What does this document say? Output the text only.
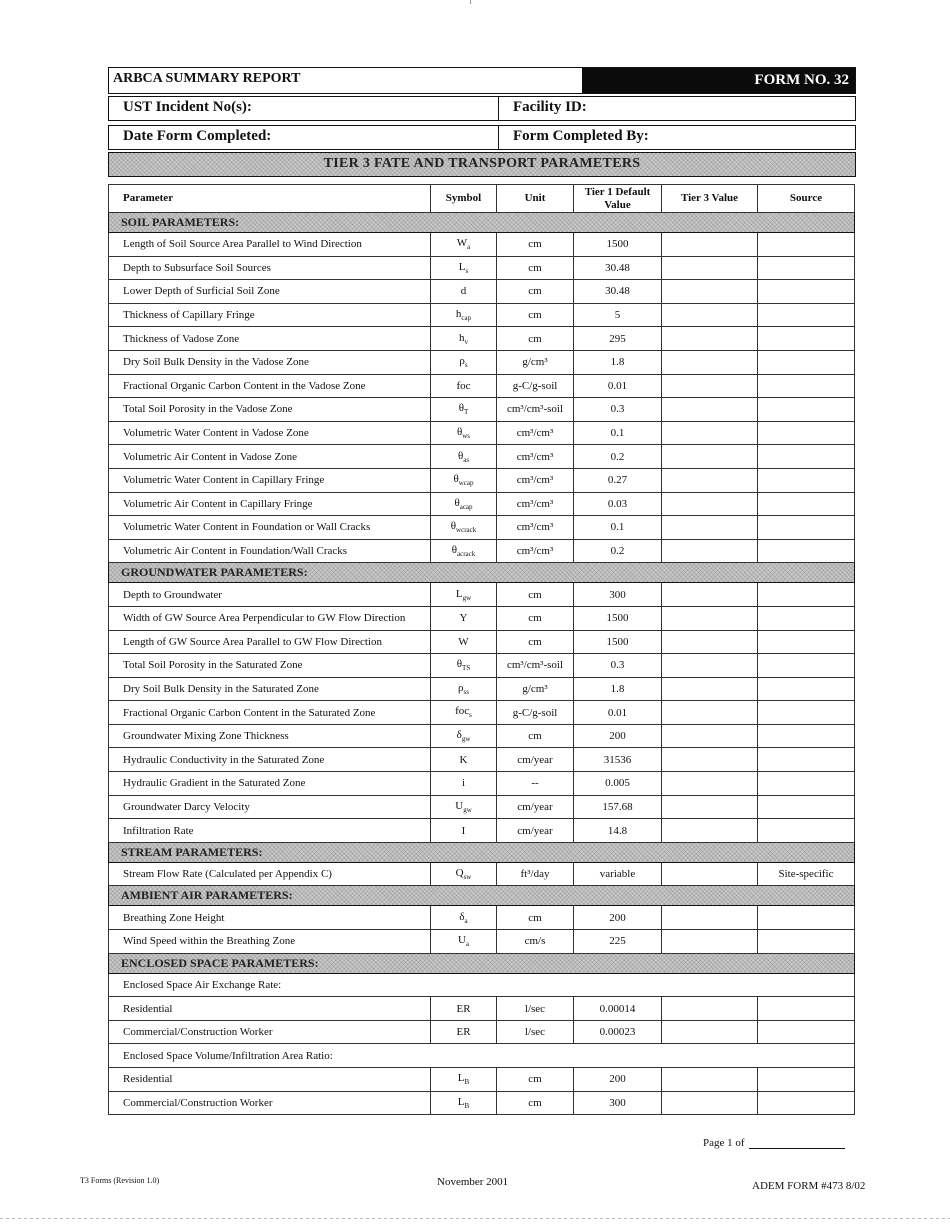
ARBCA SUMMARY REPORT	FORM NO. 32
UST Incident No(s):	Facility ID:
Date Form Completed:	Form Completed By:
TIER 3 FATE AND TRANSPORT PARAMETERS
Parameter	Symbol	Unit	Tier 1 Default Value	Tier 3 Value	Source
SOIL PARAMETERS:					
Length of Soil Source Area Parallel to Wind Direction	$W_a$	cm	1500		
Depth to Subsurface Soil Sources	$L_s$	cm	30.48		
Lower Depth of Surficial Soil Zone	d	cm	30.48		
Thickness of Capillary Fringe	$h_{cap}$	cm	5		
Thickness of Vadose Zone	$h_v$	cm	295		
Dry Soil Bulk Density in the Vadose Zone	$\rho_s$	g/cm³	1.8		
Fractional Organic Carbon Content in the Vadose Zone	foc	g-C/g-soil	0.01		
Total Soil Porosity in the Vadose Zone	$\theta_T$	cm³/cm³-soil	0.3		
Volumetric Water Content in Vadose Zone	$\theta_{ws}$	cm³/cm³	0.1		
Volumetric Air Content in Vadose Zone	$\theta_{as}$	cm³/cm³	0.2		
Volumetric Water Content in Capillary Fringe	$\theta_{wcap}$	cm³/cm³	0.27		
Volumetric Air Content in Capillary Fringe	$\theta_{acap}$	cm³/cm³	0.03		
Volumetric Water Content in Foundation or Wall Cracks	$\theta_{wcrack}$	cm³/cm³	0.1		
Volumetric Air Content in Foundation/Wall Cracks	$\theta_{acrack}$	cm³/cm³	0.2		
GROUNDWATER PARAMETERS:					
Depth to Groundwater	$L_{gw}$	cm	300		
Width of GW Source Area Perpendicular to GW Flow Direction	Y	cm	1500		
Length of GW Source Area Parallel to GW Flow Direction	W	cm	1500		
Total Soil Porosity in the Saturated Zone	$\theta_{TS}$	cm³/cm³-soil	0.3		
Dry Soil Bulk Density in the Saturated Zone	$\rho_{ss}$	g/cm³	1.8		
Fractional Organic Carbon Content in the Saturated Zone	foc$_s$	g-C/g-soil	0.01		
Groundwater Mixing Zone Thickness	$\delta_{gw}$	cm	200		
Hydraulic Conductivity in the Saturated Zone	K	cm/year	31536		
Hydraulic Gradient in the Saturated Zone	i	--	0.005		
Groundwater Darcy Velocity	$U_{gw}$	cm/year	157.68		
Infiltration Rate	I	cm/year	14.8		
STREAM PARAMETERS:					
Stream Flow Rate (Calculated per Appendix C)	$Q_{sw}$	ft³/day	variable		Site-specific
AMBIENT AIR PARAMETERS:					
Breathing Zone Height	$\delta_a$	cm	200		
Wind Speed within the Breathing Zone	$U_a$	cm/s	225		
ENCLOSED SPACE PARAMETERS:					
Enclosed Space Air Exchange Rate:					
Residential	ER	l/sec	0.00014		
Commercial/Construction Worker	ER	l/sec	0.00023		
Enclosed Space Volume/Infiltration Area Ratio:					
Residential	$L_B$	cm	200		
Commercial/Construction Worker	$L_B$	cm	300		
Page 1 of
T3 Forms (Revision 1.0)	November 2001	ADEM FORM #473 8/02
